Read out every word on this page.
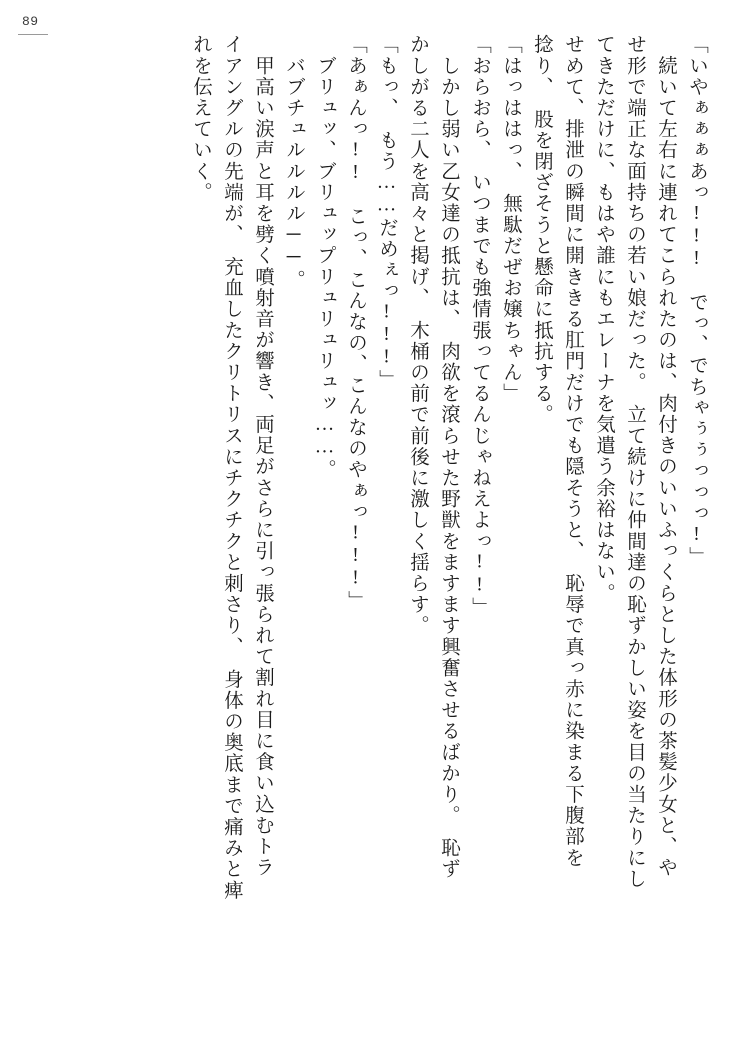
89
「いやぁぁぁあっ!!!　でっ、でちゃぅぅっっっ!」
　続いて左右に連れてこられたのは、肉付きのいいふっくらとした体形の茶髪少女と、や
せ形で端正な面持ちの若い娘だった。　立て続けに仲間達の恥ずかしい姿を目の当たりにし
てきただけに、もはや誰にもエレーナを気遣う余裕はない。
せめて、排泄の瞬間に開ききる肛門だけでも隠そうと、　恥辱で真っ赤に染まる下腹部を
捻り、　股を閉ざそうと懸命に抵抗する。
「はっははっ、　無駄だぜお嬢ちゃん」
「おらおら、　いつまでも強情張ってるんじゃねえよっ!!」
　しかし弱い乙女達の抵抗は、　肉欲を滾らせた野獣をますます興奮させるばかり。　恥ず
かしがる二人を高々と掲げ、　木桶の前で前後に激しく揺らす。
「もっ、　もう……だめぇっ!!!」
「あぁんっ!!　こっ、こんなの、こんなのやぁっ!!!」
　ブリュッ、ブリュップリュリュリュッ……。
　バブチュルルルル──。
　甲高い涙声と耳を劈く噴射音が響き、両足がさらに引っ張られて割れ目に食い込むトラ
イアングルの先端が、　充血したクリトリスにチクチクと刺さり、　身体の奥底まで痛みと痺
れを伝えていく。
